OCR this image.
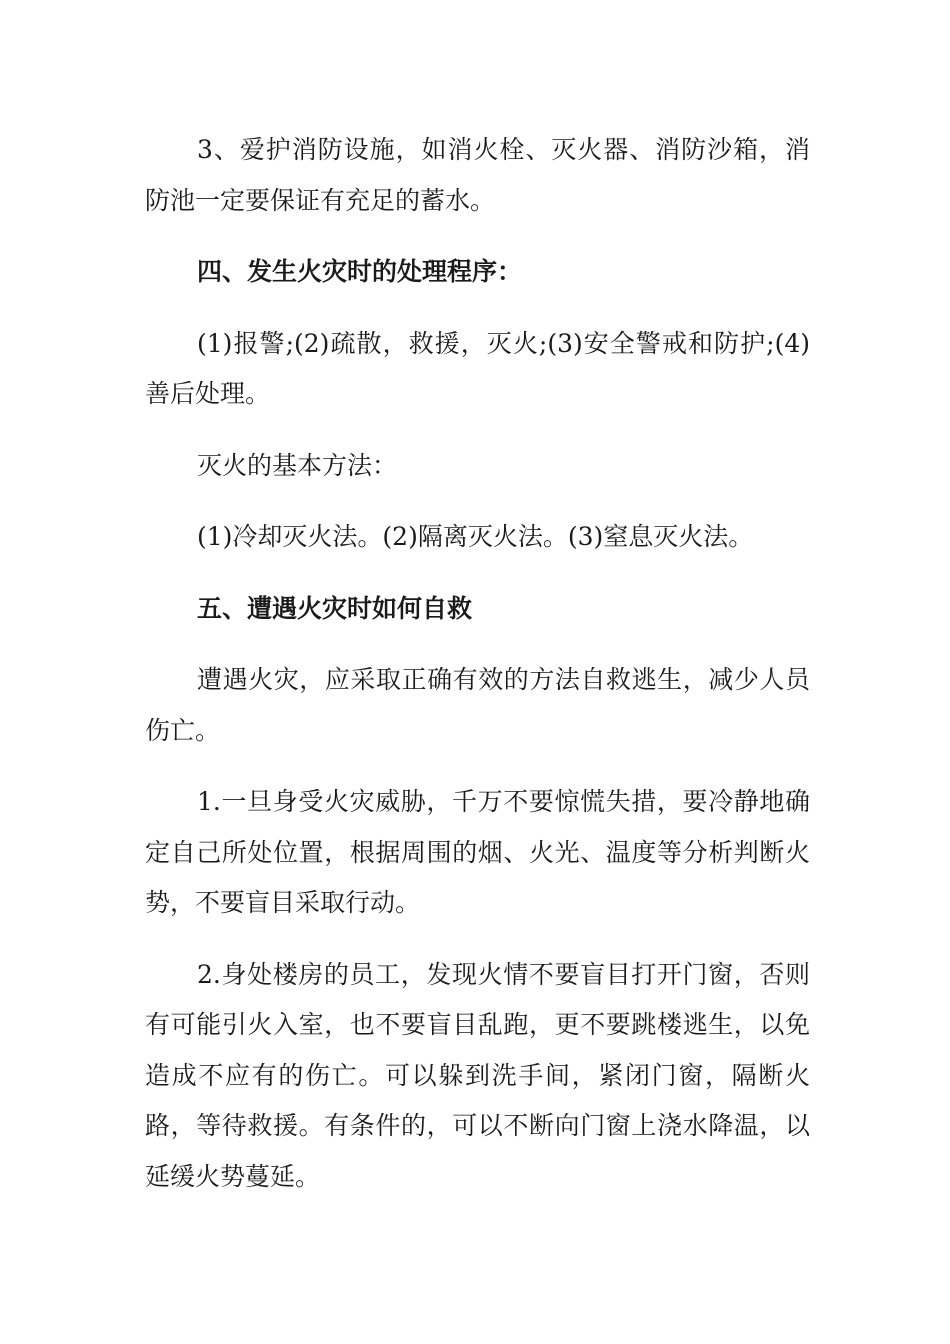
3、爱护消防设施，如消火栓、灭火器、消防沙箱，消防池一定要保证有充足的蓄水。

四、发生火灾时的处理程序：

(1)报警;(2)疏散，救援，灭火;(3)安全警戒和防护;(4)善后处理。

灭火的基本方法：

(1)冷却灭火法。(2)隔离灭火法。(3)窒息灭火法。

五、遭遇火灾时如何自救

遭遇火灾，应采取正确有效的方法自救逃生，减少人员伤亡。

1.一旦身受火灾威胁，千万不要惊慌失措，要冷静地确定自己所处位置，根据周围的烟、火光、温度等分析判断火势，不要盲目采取行动。

2.身处楼房的员工，发现火情不要盲目打开门窗，否则有可能引火入室，也不要盲目乱跑，更不要跳楼逃生，以免造成不应有的伤亡。可以躲到洗手间，紧闭门窗，隔断火路，等待救援。有条件的，可以不断向门窗上浇水降温，以延缓火势蔓延。
